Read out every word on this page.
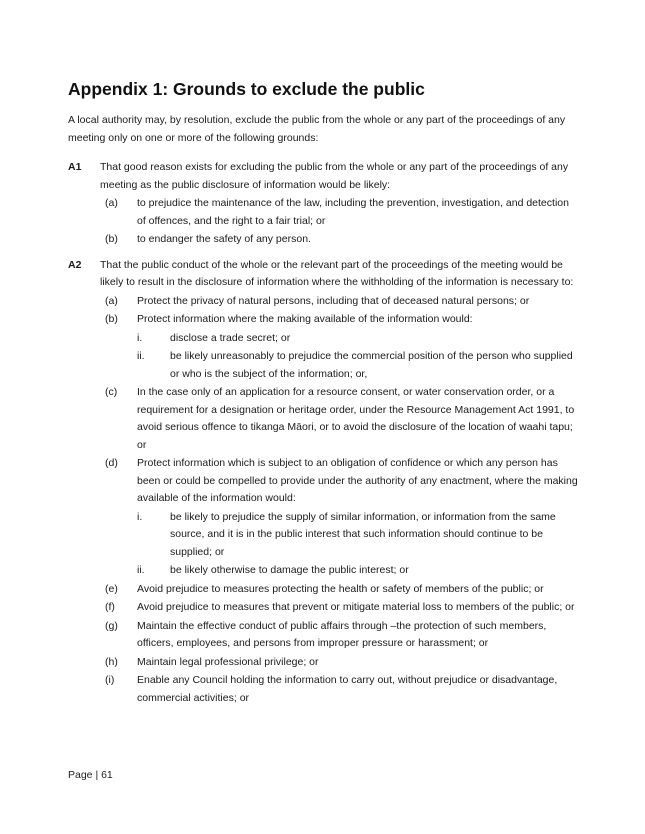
Appendix 1: Grounds to exclude the public

A local authority may, by resolution, exclude the public from the whole or any part of the proceedings of any meeting only on one or more of the following grounds:

A1	That good reason exists for excluding the public from the whole or any part of the proceedings of any meeting as the public disclosure of information would be likely:
(a)	to prejudice the maintenance of the law, including the prevention, investigation, and detection of offences, and the right to a fair trial; or
(b)	to endanger the safety of any person.
A2	That the public conduct of the whole or the relevant part of the proceedings of the meeting would be likely to result in the disclosure of information where the withholding of the information is necessary to:
(a)	Protect the privacy of natural persons, including that of deceased natural persons; or
(b)	Protect information where the making available of the information would:
i.	disclose a trade secret; or
ii.	be likely unreasonably to prejudice the commercial position of the person who supplied or who is the subject of the information; or,
(c)	In the case only of an application for a resource consent, or water conservation order, or a requirement for a designation or heritage order, under the Resource Management Act 1991, to avoid serious offence to tikanga Māori, or to avoid the disclosure of the location of waahi tapu; or
(d)	Protect information which is subject to an obligation of confidence or which any person has been or could be compelled to provide under the authority of any enactment, where the making available of the information would:
i.	be likely to prejudice the supply of similar information, or information from the same source, and it is in the public interest that such information should continue to be supplied; or
ii.	be likely otherwise to damage the public interest; or
(e)	Avoid prejudice to measures protecting the health or safety of members of the public; or
(f)	Avoid prejudice to measures that prevent or mitigate material loss to members of the public; or
(g)	Maintain the effective conduct of public affairs through –the protection of such members, officers, employees, and persons from improper pressure or harassment; or
(h)	Maintain legal professional privilege; or
(i)	Enable any Council holding the information to carry out, without prejudice or disadvantage, commercial activities; or
Page | 61
